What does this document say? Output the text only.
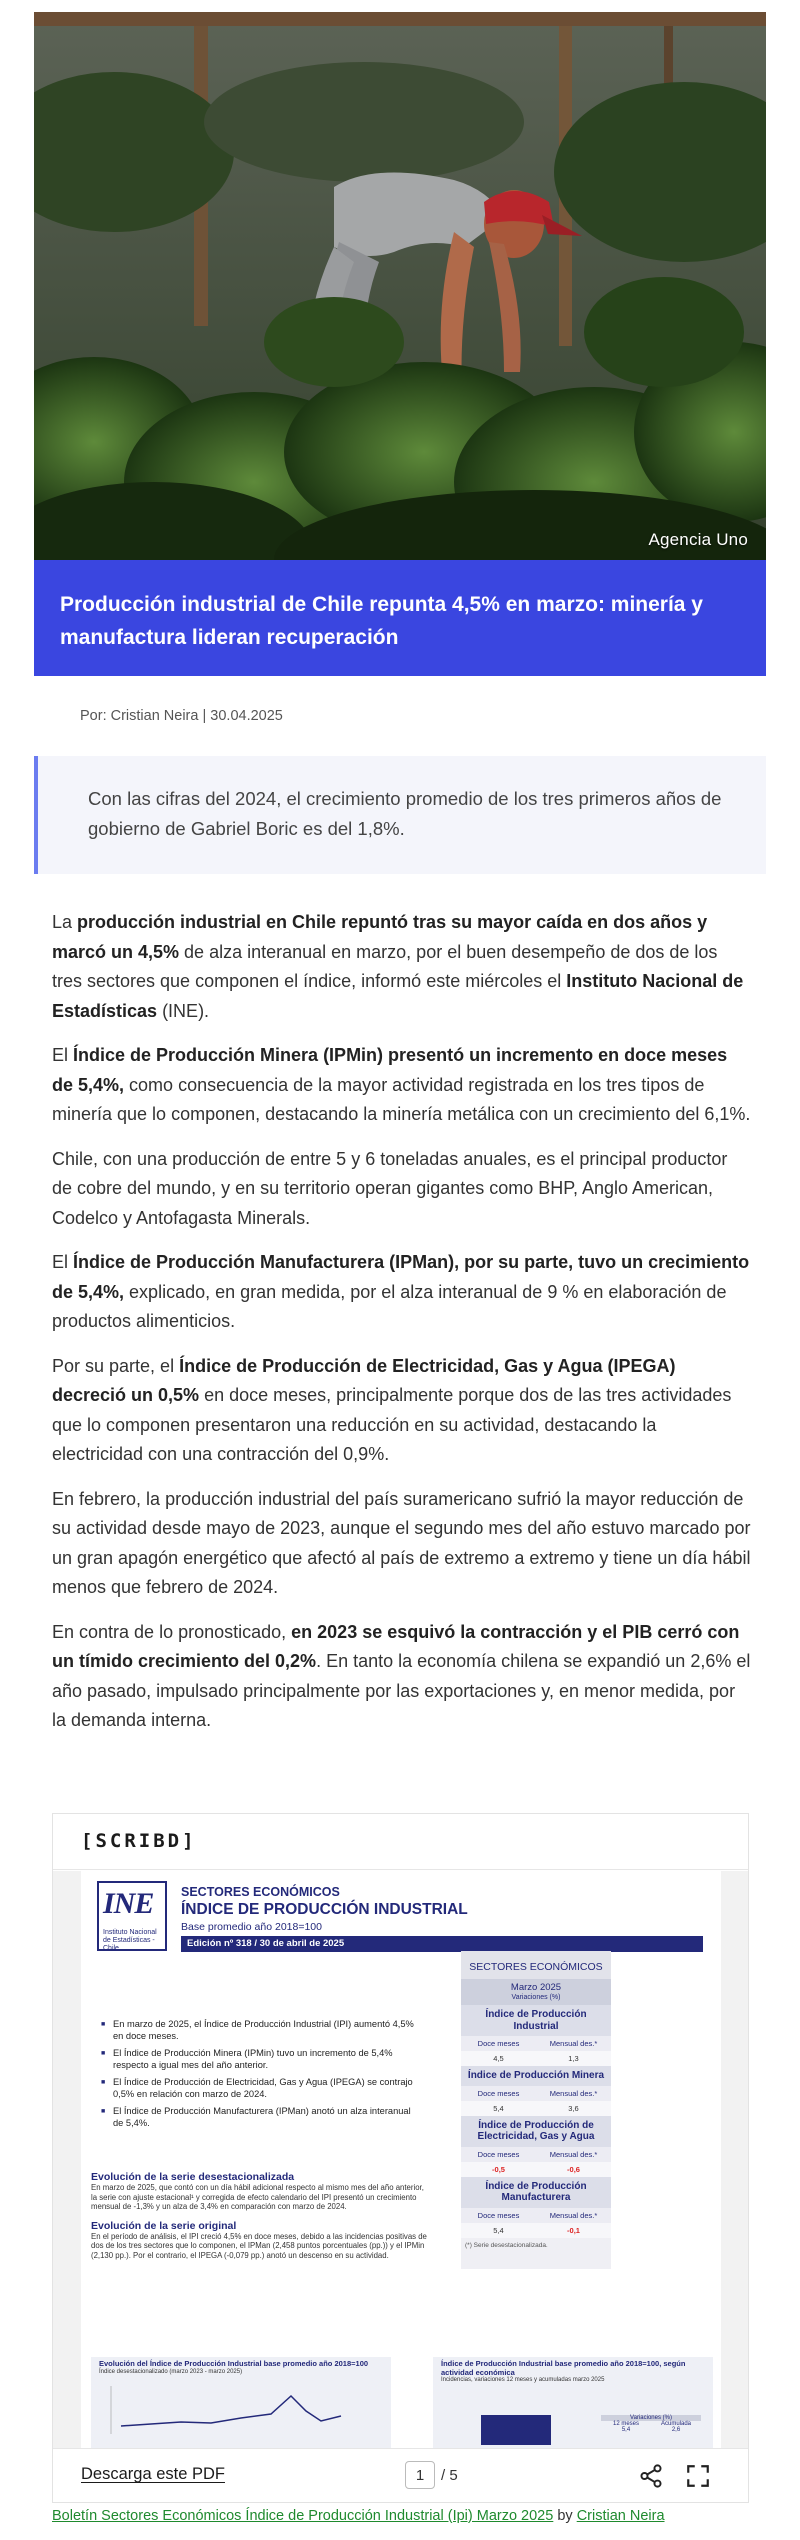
Agencia Uno
Producción industrial de Chile repunta 4,5% en marzo: minería y manufactura lideran recuperación
Por: Cristian Neira | 30.04.2025

Con las cifras del 2024, el crecimiento promedio de los tres primeros años de gobierno de Gabriel Boric es del 1,8%.

La producción industrial en Chile repuntó tras su mayor caída en dos años y marcó un 4,5% de alza interanual en marzo, por el buen desempeño de dos de los tres sectores que componen el índice, informó este miércoles el Instituto Nacional de Estadísticas (INE).

El Índice de Producción Minera (IPMin) presentó un incremento en doce meses de 5,4%, como consecuencia de la mayor actividad registrada en los tres tipos de minería que lo componen, destacando la minería metálica con un crecimiento del 6,1%.

Chile, con una producción de entre 5 y 6 toneladas anuales, es el principal productor de cobre del mundo, y en su territorio operan gigantes como BHP, Anglo American, Codelco y Antofagasta Minerals.

El Índice de Producción Manufacturera (IPMan), por su parte, tuvo un crecimiento de 5,4%, explicado, en gran medida, por el alza interanual de 9 % en elaboración de productos alimenticios.

Por su parte, el Índice de Producción de Electricidad, Gas y Agua (IPEGA) decreció un 0,5% en doce meses, principalmente porque dos de las tres actividades que lo componen presentaron una reducción en su actividad, destacando la electricidad con una contracción del 0,9%.

En febrero, la producción industrial del país suramericano sufrió la mayor reducción de su actividad desde mayo de 2023, aunque el segundo mes del año estuvo marcado por un gran apagón energético que afectó al país de extremo a extremo y tiene un día hábil menos que febrero de 2024.

En contra de lo pronosticado, en 2023 se esquivó la contracción y el PIB cerró con un tímido crecimiento del 0,2%. En tanto la economía chilena se expandió un 2,6% el año pasado, impulsado principalmente por las exportaciones y, en menor medida, por la demanda interna.

[SCRIBD]
INE
Instituto Nacional de Estadísticas - Chile
SECTORES ECONÓMICOS
ÍNDICE DE PRODUCCIÓN INDUSTRIAL
Base promedio año 2018=100
Edición nº 318 / 30 de abril de 2025
■ En marzo de 2025, el Índice de Producción Industrial (IPI) aumentó 4,5% en doce meses.
■ El Índice de Producción Minera (IPMin) tuvo un incremento de 5,4% respecto a igual mes del año anterior.
■ El Índice de Producción de Electricidad, Gas y Agua (IPEGA) se contrajo 0,5% en relación con marzo de 2024.
■ El Índice de Producción Manufacturera (IPMan) anotó un alza interanual de 5,4%.
Evolución de la serie desestacionalizada
En marzo de 2025, que contó con un día hábil adicional respecto al mismo mes del año anterior, la serie con ajuste estacional¹ y corregida de efecto calendario del IPI presentó un crecimiento mensual de -1,3% y un alza de 3,4% en comparación con marzo de 2024.
Evolución de la serie original
En el período de análisis, el IPI creció 4,5% en doce meses, debido a las incidencias positivas de dos de los tres sectores que lo componen, el IPMan (2,458 puntos porcentuales (pp.)) y el IPMin (2,130 pp.). Por el contrario, el IPEGA (-0,079 pp.) anotó un descenso en su actividad.
SECTORES ECONÓMICOS
Marzo 2025
Variaciones (%)
Índice de Producción Industrial
Doce meses	Mensual des.*
4,5	1,3
Índice de Producción Minera
Doce meses	Mensual des.*
5,4	3,6
Índice de Producción de Electricidad, Gas y Agua
Doce meses	Mensual des.*
-0,5	-0,6
Índice de Producción Manufacturera
Doce meses	Mensual des.*
5,4	-0,1
(*) Serie desestacionalizada.
Evolución del Índice de Producción Industrial base promedio año 2018=100
Índice desestacionalizado (marzo 2023 - marzo 2025)
Índice de Producción Industrial base promedio año 2018=100, según actividad económica
Incidencias, variaciones 12 meses y acumuladas marzo 2025
Variaciones (%)
12 meses	Acumulada
5,4	2,6
Descarga este PDF	1	/ 5
Boletín Sectores Económicos Índice de Producción Industrial (Ipi) Marzo 2025 by Cristian Neira
